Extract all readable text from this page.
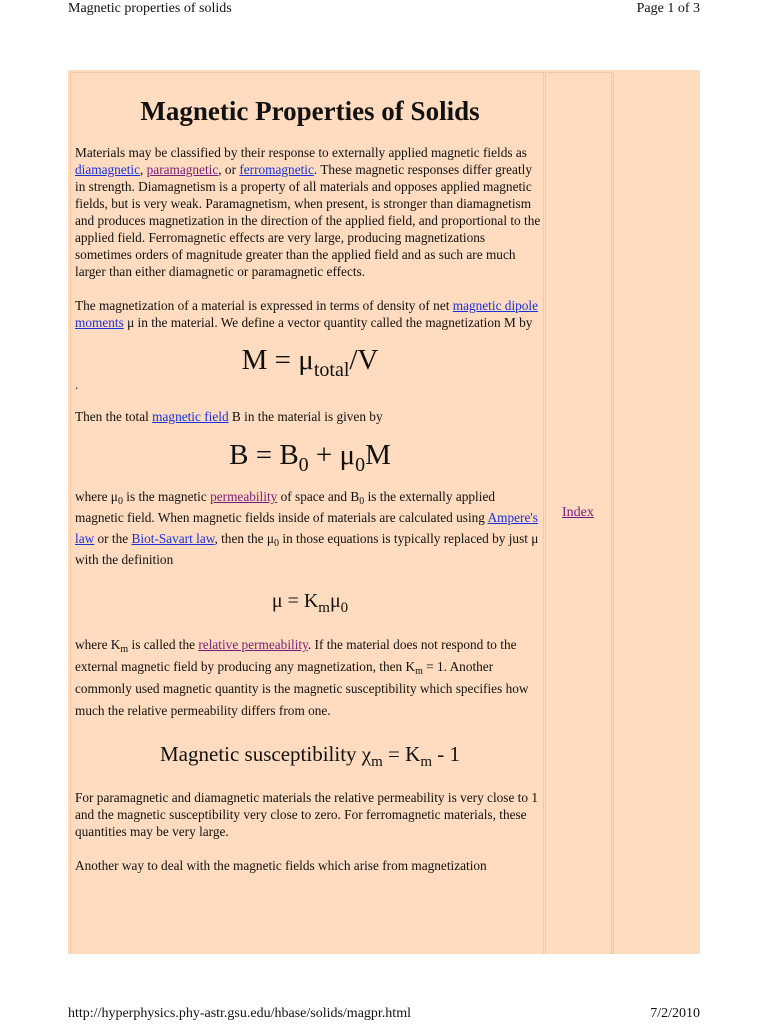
Magnetic properties of solids	Page 1 of 3
Magnetic Properties of Solids

Materials may be classified by their response to externally applied magnetic fields as diamagnetic, paramagnetic, or ferromagnetic. These magnetic responses differ greatly in strength. Diamagnetism is a property of all materials and opposes applied magnetic fields, but is very weak. Paramagnetism, when present, is stronger than diamagnetism and produces magnetization in the direction of the applied field, and proportional to the applied field. Ferromagnetic effects are very large, producing magnetizations sometimes orders of magnitude greater than the applied field and as such are much larger than either diamagnetic or paramagnetic effects.

The magnetization of a material is expressed in terms of density of net magnetic dipole moments μ in the material. We define a vector quantity called the magnetization M by

$M = \mu_{total}/V$
.

Then the total magnetic field B in the material is given by

$B = B_0 + \mu_0M$

where $\mu_0$ is the magnetic permeability of space and $B_0$ is the externally applied magnetic field. When magnetic fields inside of materials are calculated using Ampere's law or the Biot-Savart law, then the $\mu_0$ in those equations is typically replaced by just μ with the definition

$\mu = K_m\mu_0$

where $K_m$ is called the relative permeability. If the material does not respond to the external magnetic field by producing any magnetization, then $K_m = 1$. Another commonly used magnetic quantity is the magnetic susceptibility which specifies how much the relative permeability differs from one.

Magnetic susceptibility $\chi_m = K_m - 1$

For paramagnetic and diamagnetic materials the relative permeability is very close to 1 and the magnetic susceptibility very close to zero. For ferromagnetic materials, these quantities may be very large.

Another way to deal with the magnetic fields which arise from magnetization

Index
http://hyperphysics.phy-astr.gsu.edu/hbase/solids/magpr.html	7/2/2010
